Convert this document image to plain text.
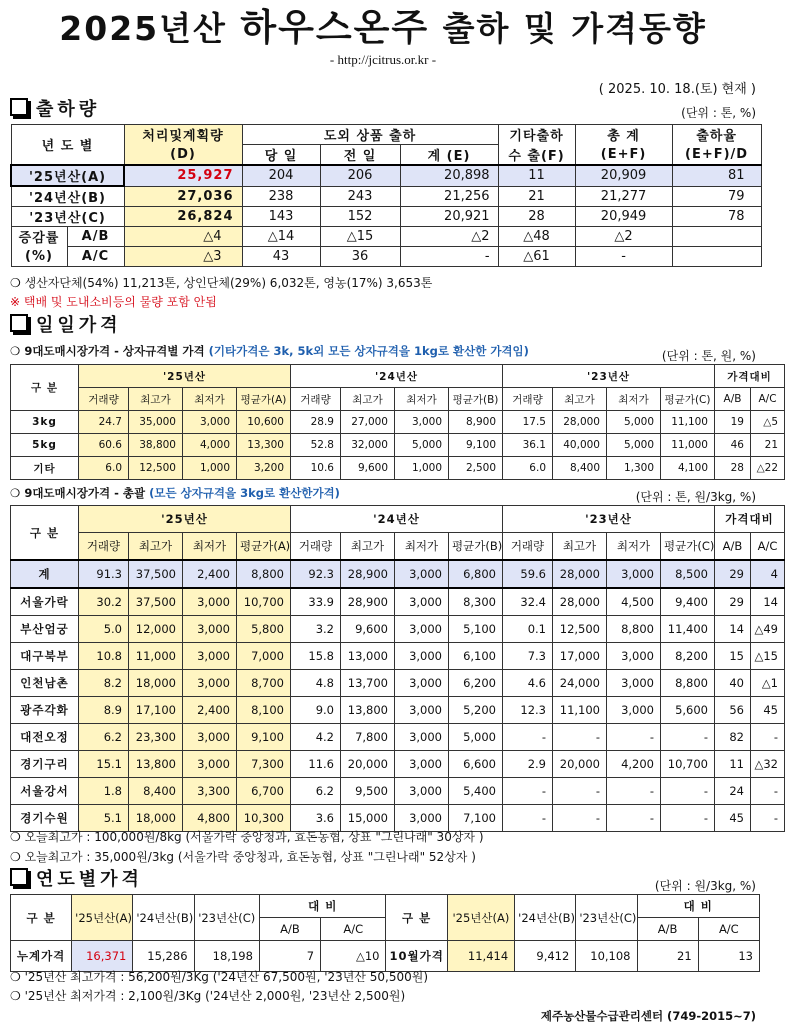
2025년산 하우스온주 출하 및 가격동향
- http://jcitrus.or.kr -
( 2025. 10. 18.(토) 현재 )
출하량	(단위 : 톤, %)
년 도 별		처리및계획량	도외 상품 출하			기타출하	총 계	출하율
		(D)	당 일	전 일	계 (E)	수 출(F)	(E+F)	(E+F)/D
'25년산(A)		25,927	204	206	20,898	11	20,909	81
'24년산(B)		27,036	238	243	21,256	21	21,277	79
'23년산(C)		26,824	143	152	20,921	28	20,949	78
증감률	A/B	△4	△14	△15	△2	△48	△2	
(%)	A/C	△3	43	36	-	△61	-	
❍ 생산자단체(54%) 11,213톤, 상인단체(29%) 6,032톤, 영농(17%) 3,653톤
※ 택배 및 도내소비등의 물량 포함 안됨
일일가격
❍ 9대도매시장가격 - 상자규격별 가격 (기타가격은 3k, 5k외 모든 상자규격을 1kg로 환산한 가격임)	(단위 : 톤, 원, %)
구 분	'25년산				'24년산				'23년산				가격대비	
	거래량	최고가	최저가	평균가(A)	거래량	최고가	최저가	평균가(B)	거래량	최고가	최저가	평균가(C)	A/B	A/C
3kg	24.7	35,000	3,000	10,600	28.9	27,000	3,000	8,900	17.5	28,000	5,000	11,100	19	△5
5kg	60.6	38,800	4,000	13,300	52.8	32,000	5,000	9,100	36.1	40,000	5,000	11,000	46	21
기타	6.0	12,500	1,000	3,200	10.6	9,600	1,000	2,500	6.0	8,400	1,300	4,100	28	△22
❍ 9대도매시장가격 - 총괄 (모든 상자규격을 3kg로 환산한가격)	(단위 : 톤, 원/3kg, %)
구 분	'25년산				'24년산				'23년산				가격대비	
	거래량	최고가	최저가	평균가(A)	거래량	최고가	최저가	평균가(B)	거래량	최고가	최저가	평균가(C)	A/B	A/C
계	91.3	37,500	2,400	8,800	92.3	28,900	3,000	6,800	59.6	28,000	3,000	8,500	29	4
서울가락	30.2	37,500	3,000	10,700	33.9	28,900	3,000	8,300	32.4	28,000	4,500	9,400	29	14
부산엄궁	5.0	12,000	3,000	5,800	3.2	9,600	3,000	5,100	0.1	12,500	8,800	11,400	14	△49
대구북부	10.8	11,000	3,000	7,000	15.8	13,000	3,000	6,100	7.3	17,000	3,000	8,200	15	△15
인천남촌	8.2	18,000	3,000	8,700	4.8	13,700	3,000	6,200	4.6	24,000	3,000	8,800	40	△1
광주각화	8.9	17,100	2,400	8,100	9.0	13,800	3,000	5,200	12.3	11,100	3,000	5,600	56	45
대전오정	6.2	23,300	3,000	9,100	4.2	7,800	3,000	5,000	-	-	-	-	82	-
경기구리	15.1	13,800	3,000	7,300	11.6	20,000	3,000	6,600	2.9	20,000	4,200	10,700	11	△32
서울강서	1.8	8,400	3,300	6,700	6.2	9,500	3,000	5,400	-	-	-	-	24	-
경기수원	5.1	18,000	4,800	10,300	3.6	15,000	3,000	7,100	-	-	-	-	45	-
❍ 오늘최고가 : 100,000원/8kg (서울가락 중앙청과, 효돈농협, 상표 "그린나래" 30상자 )
❍ 오늘최고가 : 35,000원/3kg (서울가락 중앙청과, 효돈농협, 상표 "그린나래" 52상자 )
연도별가격	(단위 : 원/3kg, %)
구 분	'25년산(A)	'24년산(B)	'23년산(C)	대 비		구 분	'25년산(A)	'24년산(B)	'23년산(C)	대 비	
				A/B	A/C					A/B	A/C
누계가격	16,371	15,286	18,198	7	△10	10월가격	11,414	9,412	10,108	21	13
❍ '25년산 최고가격 : 56,200원/3Kg ('24년산 67,500원, '23년산 50,500원)
❍ '25년산 최저가격 : 2,100원/3Kg ('24년산 2,000원, '23년산 2,500원)
제주농산물수급관리센터 (749-2015~7)
